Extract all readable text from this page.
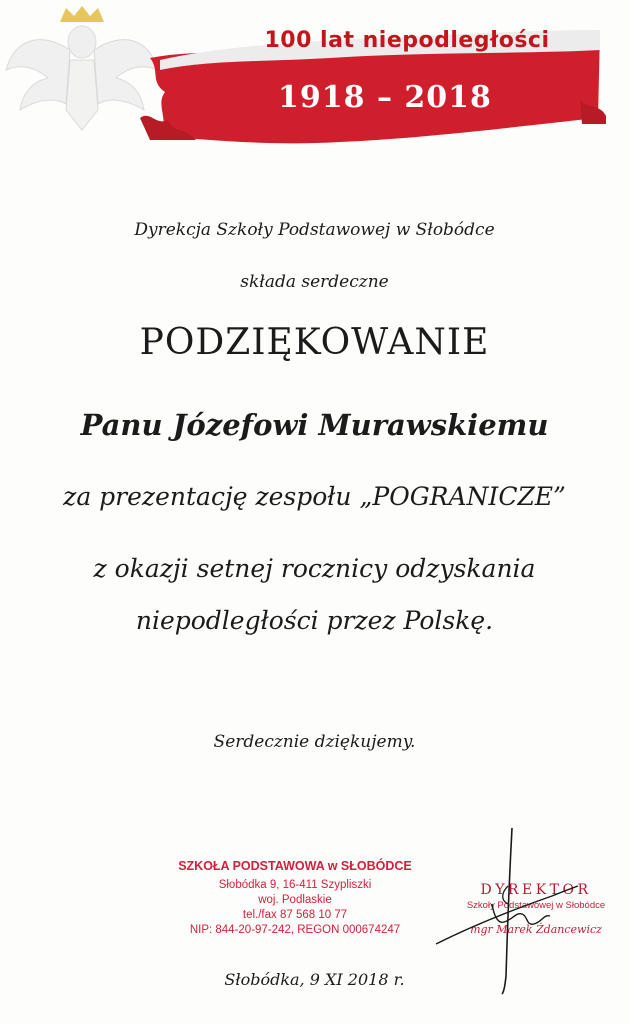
100 lat niepodległości
1918 – 2018
Dyrekcja Szkoły Podstawowej w Słobódce
składa serdeczne
PODZIĘKOWANIE
Panu Józefowi Murawskiemu
za prezentację zespołu „POGRANICZE”
z okazji setnej rocznicy odzyskania
niepodległości przez Polskę.
Serdecznie dziękujemy.
SZKOŁA PODSTAWOWA w SŁOBÓDCE
Słobódka 9, 16-411 Szypliszki
woj. Podlaskie
tel./fax 87 568 10 77
NIP: 844-20-97-242, REGON 000674247
DYREKTOR
Szkoły Podstawowej w Słobódce
mgr Marek Żdancewicz
Słobódka, 9 XI 2018 r.
